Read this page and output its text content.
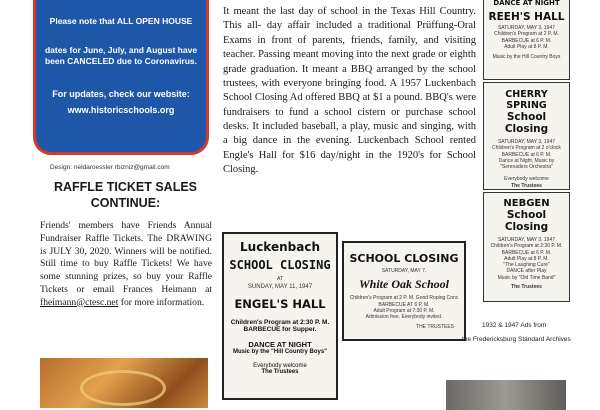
Please note that ALL OPEN HOUSE
dates for June, July, and August have been CANCELED due to Coronavirus.
For updates, check our website:
www.historicschools.org
Design: neldaroessler rbizniz@gmail.com
RAFFLE TICKET SALES CONTINUE:
Friends' members have Friends Annual Fundraiser Raffle Tickets. The DRAWING is JULY 30, 2020. Winners will be notified. Still time to buy Raffle Tickets! We have some stunning prizes, so buy your Raffle Tickets or email Frances Heimann at fheimann@ctesc.net for more information.
It meant the last day of school in the Texas Hill Country. This all- day affair included a traditional Prüffung-Oral Exams in front of parents, friends, family, and visiting teacher. Passing meant moving into the next grade or eighth grade graduation. It meant a BBQ arranged by the school trustees, with everyone bringing food. A 1957 Luckenbach School Closing Ad offered BBQ at $1 a pound. BBQ's were fundraisers to fund a school cistern or purchase school desks. It included baseball, a play, music and singing, with a big dance in the evening. Luckenbach School rented Engle's Hall for $16 day/night in the 1920's for School Closing.
DANCE AT NIGHT
REEH'S HALL
SATURDAY, MAY 3, 1947
Children's Program at 2 P. M.
BARBECUE at 6 P. M.
Adult Play at 8 P. M.
Music by the Hill Country Boys
CHERRY SPRING
School Closing
SATURDAY, MAY 3, 1947
Children's Program at 2 o'clock
BARBECUE at 6 P. M.
Dance at Night, Music by
"Serenaders Orchestra"
Everybody welcome
The Trustees
NEBGEN
School Closing
SATURDAY, MAY 3, 1947
Children's Program at 2:30 P. M.
BARBECUE at 6 P. M.
Adult Play at 8 P. M.
"The Laughing Cure"
DANCE after Play
Music by "Old Time Band"
The Trustees
Luckenbach
SCHOOL CLOSING
AT
SUNDAY, MAY 11, 1947
ENGEL'S HALL
Children's Program at 2:30 P. M.
BARBECUE for Supper.
DANCE AT NIGHT
Music by the "Hill Country Boys"
Everybody welcome
The Trustees
SCHOOL CLOSING
SATURDAY, MAY 7.
White Oak School
Children's Program at 2 P. M. Good Roping Conc
BARBECUE AT 6 P. M.
Adult Program at 7:30 P. M.
Admission free. Everybody invited.
THE TRUSTEES	1932 & 1947 Ads from
the Fredericksburg Standard Archives
